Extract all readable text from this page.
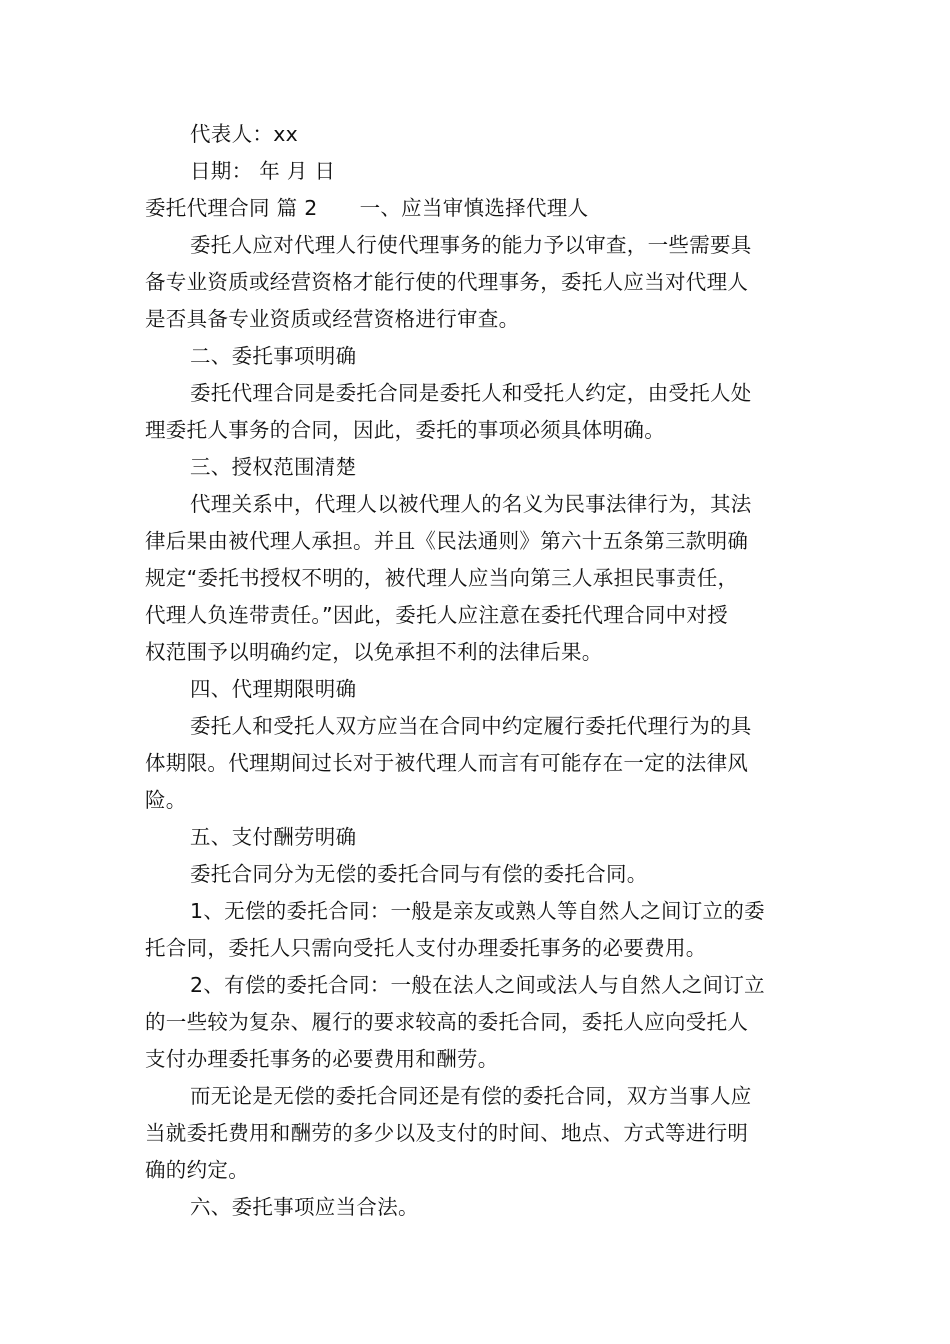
代表人：xx
日期： 年 月 日
委托代理合同 篇 2 一、应当审慎选择代理人
委托人应对代理人行使代理事务的能力予以审查，一些需要具
备专业资质或经营资格才能行使的代理事务，委托人应当对代理人
是否具备专业资质或经营资格进行审查。
二、委托事项明确
委托代理合同是委托合同是委托人和受托人约定，由受托人处
理委托人事务的合同，因此，委托的事项必须具体明确。
三、授权范围清楚
代理关系中，代理人以被代理人的名义为民事法律行为，其法
律后果由被代理人承担。并且《民法通则》第六十五条第三款明确
规定“委托书授权不明的，被代理人应当向第三人承担民事责任，
代理人负连带责任。”因此，委托人应注意在委托代理合同中对授
权范围予以明确约定，以免承担不利的法律后果。
四、代理期限明确
委托人和受托人双方应当在合同中约定履行委托代理行为的具
体期限。代理期间过长对于被代理人而言有可能存在一定的法律风
险。
五、支付酬劳明确
委托合同分为无偿的委托合同与有偿的委托合同。
1、无偿的委托合同：一般是亲友或熟人等自然人之间订立的委
托合同，委托人只需向受托人支付办理委托事务的必要费用。
2、有偿的委托合同：一般在法人之间或法人与自然人之间订立
的一些较为复杂、履行的要求较高的委托合同，委托人应向受托人
支付办理委托事务的必要费用和酬劳。
而无论是无偿的委托合同还是有偿的委托合同，双方当事人应
当就委托费用和酬劳的多少以及支付的时间、地点、方式等进行明
确的约定。
六、委托事项应当合法。
